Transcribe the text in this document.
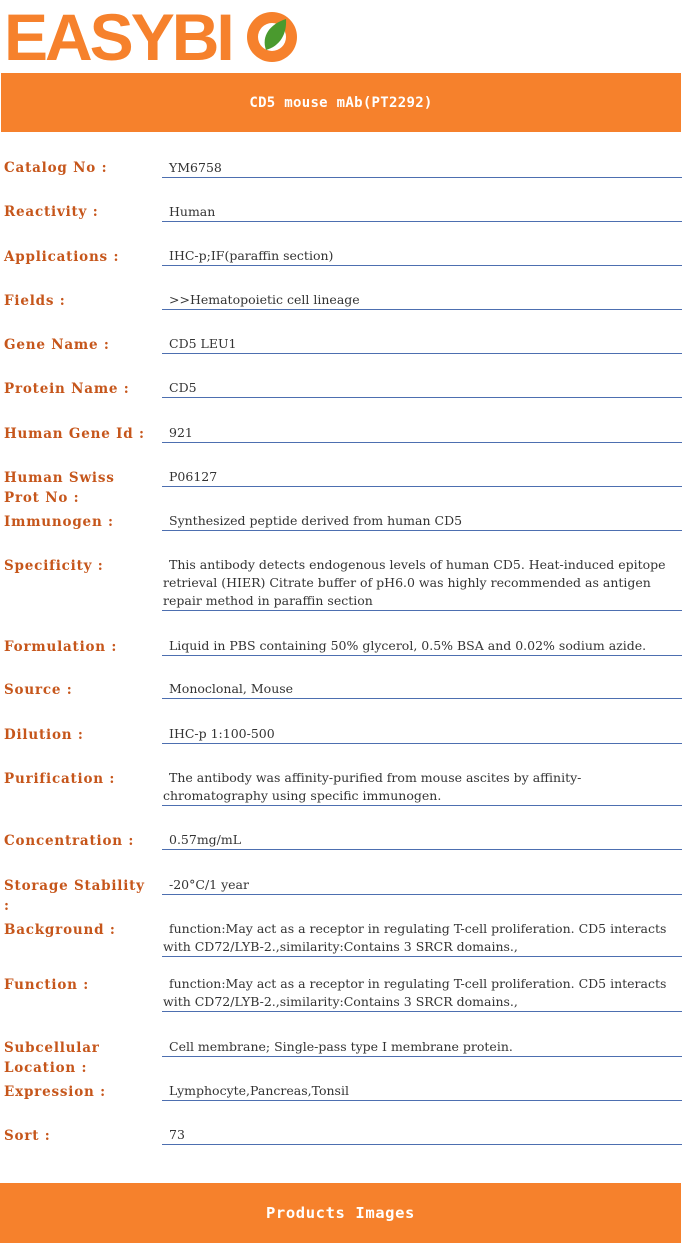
EASYBI
CD5 mouse mAb(PT2292)
Catalog No :	YM6758
Reactivity :	Human
Applications :	IHC-p;IF(paraffin section)
Fields :	>>Hematopoietic cell lineage
Gene Name :	CD5 LEU1
Protein Name :	CD5
Human Gene Id :	921
Human Swiss Prot No :
P06127
Immunogen :	Synthesized peptide derived from human CD5
Specificity :	This antibody detects endogenous levels of human CD5. Heat-induced epitope retrieval (HIER) Citrate buffer of pH6.0 was highly recommended as antigen repair method in paraffin section
Formulation :	Liquid in PBS containing 50% glycerol, 0.5% BSA and 0.02% sodium azide.
Source :	Monoclonal, Mouse
Dilution :	IHC-p 1:100-500
Purification :	The antibody was affinity-purified from mouse ascites by affinity-chromatography using specific immunogen.
Concentration :	0.57mg/mL
Storage Stability :
-20°C/1 year
Background :	function:May act as a receptor in regulating T-cell proliferation. CD5 interacts with CD72/LYB-2.,similarity:Contains 3 SRCR domains.,
Function :	function:May act as a receptor in regulating T-cell proliferation. CD5 interacts with CD72/LYB-2.,similarity:Contains 3 SRCR domains.,
Subcellular Location :
Cell membrane; Single-pass type I membrane protein.
Expression :	Lymphocyte,Pancreas,Tonsil
Sort :	73
Products Images
